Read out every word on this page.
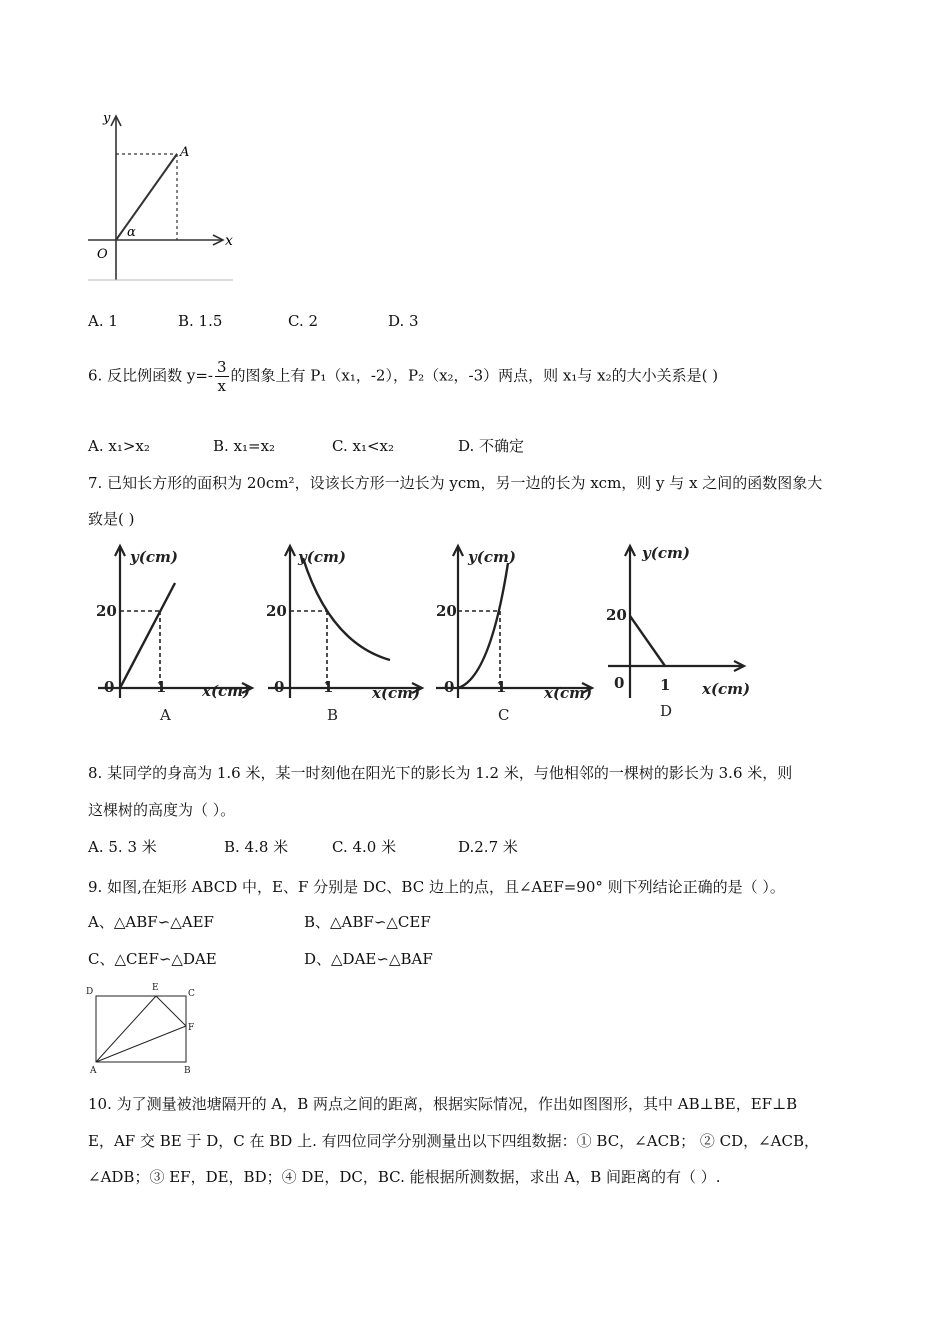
y
x
O
A
α
A. 1	B. 1.5	C. 2	D. 3
6. 反比例函数 $y=- \frac{3}{x}$ 的图象上有 P₁（x₁，-2），P₂（x₂，-3）两点，则 x₁与 x₂的大小关系是( )
A. x₁>x₂	B. x₁=x₂	C. x₁<x₂	D. 不确定
7. 已知长方形的面积为 20cm²，设该长方形一边长为 ycm，另一边的长为 xcm，则 y 与 x 之间的函数图象大
致是( )
y(cm)
20
0	1 x(cm)
A
y(cm)
20
0	1	x(cm)
B
y(cm)
20
0	1	x(cm)
C
y(cm)
20
0 1 x(cm)
D
8. 某同学的身高为 1.6 米，某一时刻他在阳光下的影长为 1.2 米，与他相邻的一棵树的影长为 3.6 米，则
这棵树的高度为（ ）。
A. 5. 3 米	B. 4.8 米	C. 4.0 米	D.2.7 米
9. 如图,在矩形 ABCD 中，E、F 分别是 DC、BC 边上的点，且∠AEF=90° 则下列结论正确的是（ ）。
A、△ABF∽△AEF	B、△ABF∽△CEF
C、△CEF∽△DAE	D、△DAE∽△BAF
D	E
C
F
A	B
10. 为了测量被池塘隔开的 A，B 两点之间的距离，根据实际情况，作出如图图形，其中 AB⊥BE，EF⊥B
E，AF 交 BE 于 D，C 在 BD 上. 有四位同学分别测量出以下四组数据：① BC，∠ACB； ② CD，∠ACB，
∠ADB；③ EF，DE，BD；④ DE，DC，BC. 能根据所测数据，求出 A，B 间距离的有（ ）.
